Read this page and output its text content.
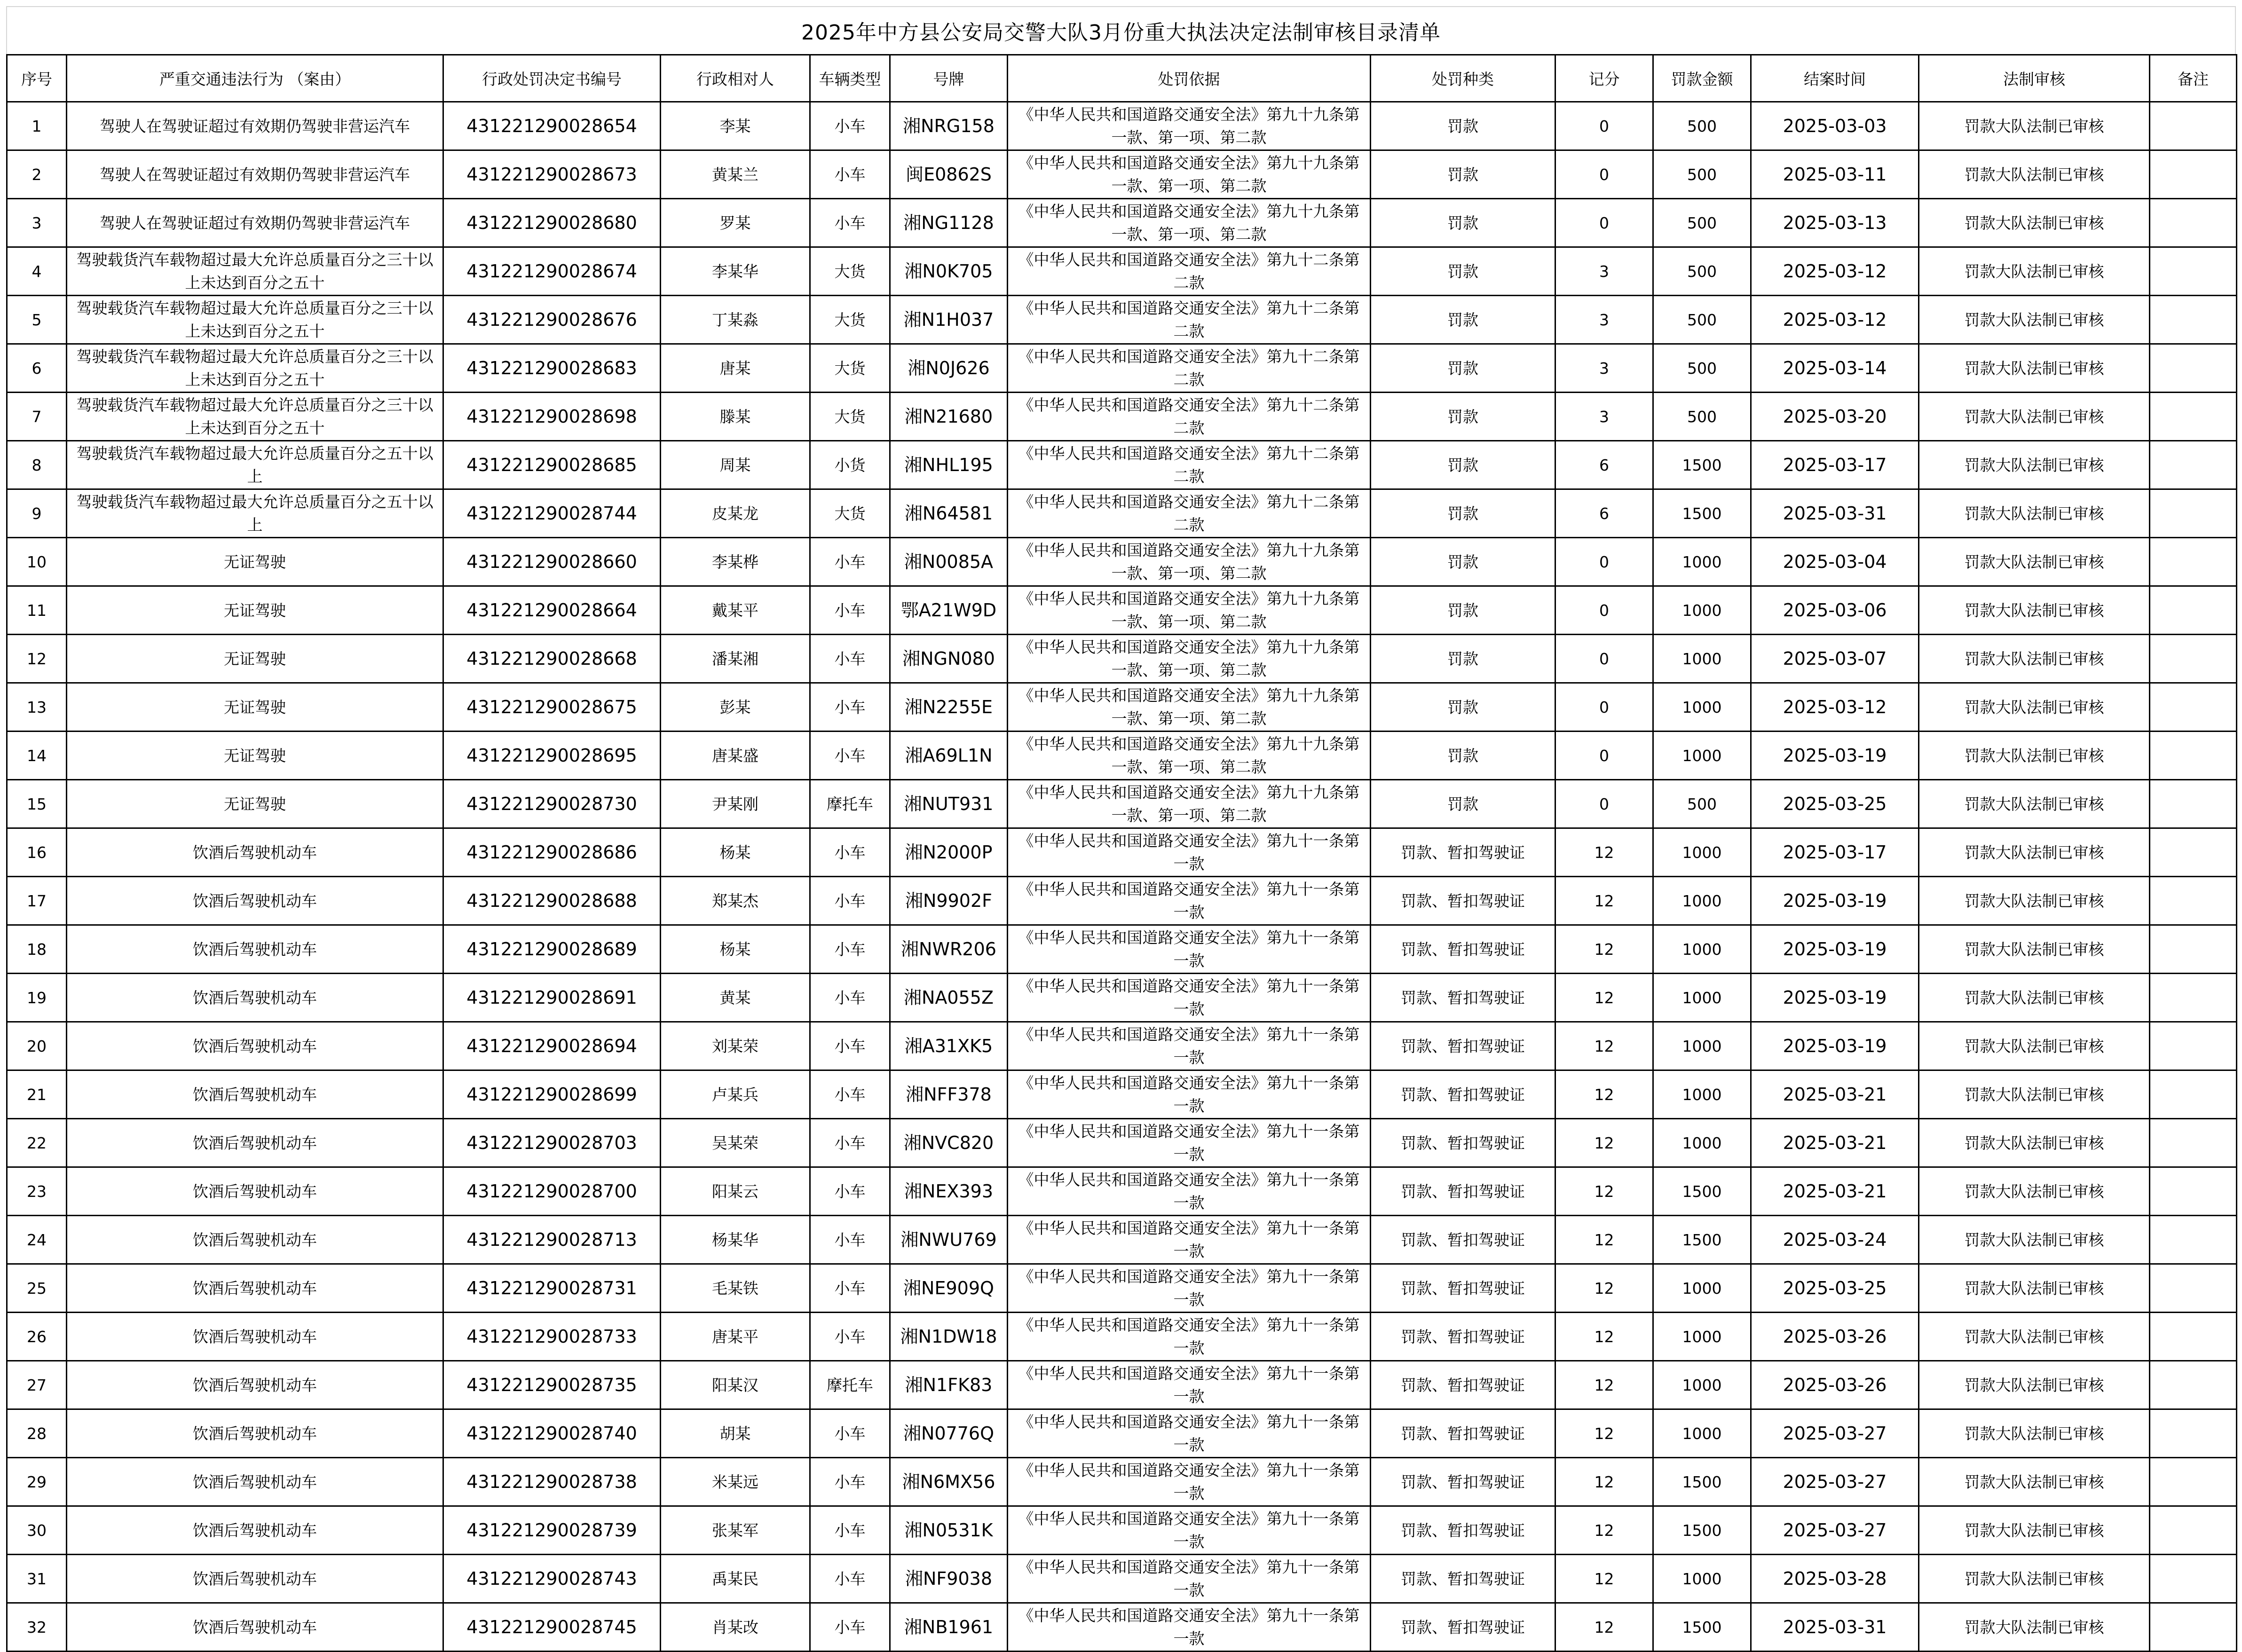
2025年中方县公安局交警大队3月份重大执法决定法制审核目录清单
序号	严重交通违法行为 （案由）	行政处罚决定书编号	行政相对人	车辆类型	号牌	处罚依据	处罚种类	记分	罚款金额	结案时间	法制审核	备注
1	驾驶人在驾驶证超过有效期仍驾驶非营运汽车	431221290028654	李某	小车	湘NRG158	《中华人民共和国道路交通安全法》第九十九条第一款、第一项、第二款	罚款	0	500	2025-03-03	罚款大队法制已审核	
2	驾驶人在驾驶证超过有效期仍驾驶非营运汽车	431221290028673	黄某兰	小车	闽E0862S	《中华人民共和国道路交通安全法》第九十九条第一款、第一项、第二款	罚款	0	500	2025-03-11	罚款大队法制已审核	
3	驾驶人在驾驶证超过有效期仍驾驶非营运汽车	431221290028680	罗某	小车	湘NG1128	《中华人民共和国道路交通安全法》第九十九条第一款、第一项、第二款	罚款	0	500	2025-03-13	罚款大队法制已审核	
4	驾驶载货汽车载物超过最大允许总质量百分之三十以上未达到百分之五十	431221290028674	李某华	大货	湘N0K705	《中华人民共和国道路交通安全法》第九十二条第二款	罚款	3	500	2025-03-12	罚款大队法制已审核	
5	驾驶载货汽车载物超过最大允许总质量百分之三十以上未达到百分之五十	431221290028676	丁某淼	大货	湘N1H037	《中华人民共和国道路交通安全法》第九十二条第二款	罚款	3	500	2025-03-12	罚款大队法制已审核	
6	驾驶载货汽车载物超过最大允许总质量百分之三十以上未达到百分之五十	431221290028683	唐某	大货	湘N0J626	《中华人民共和国道路交通安全法》第九十二条第二款	罚款	3	500	2025-03-14	罚款大队法制已审核	
7	驾驶载货汽车载物超过最大允许总质量百分之三十以上未达到百分之五十	431221290028698	滕某	大货	湘N21680	《中华人民共和国道路交通安全法》第九十二条第二款	罚款	3	500	2025-03-20	罚款大队法制已审核	
8	驾驶载货汽车载物超过最大允许总质量百分之五十以上	431221290028685	周某	小货	湘NHL195	《中华人民共和国道路交通安全法》第九十二条第二款	罚款	6	1500	2025-03-17	罚款大队法制已审核	
9	驾驶载货汽车载物超过最大允许总质量百分之五十以上	431221290028744	皮某龙	大货	湘N64581	《中华人民共和国道路交通安全法》第九十二条第二款	罚款	6	1500	2025-03-31	罚款大队法制已审核	
10	无证驾驶	431221290028660	李某桦	小车	湘N0085A	《中华人民共和国道路交通安全法》第九十九条第一款、第一项、第二款	罚款	0	1000	2025-03-04	罚款大队法制已审核	
11	无证驾驶	431221290028664	戴某平	小车	鄂A21W9D	《中华人民共和国道路交通安全法》第九十九条第一款、第一项、第二款	罚款	0	1000	2025-03-06	罚款大队法制已审核	
12	无证驾驶	431221290028668	潘某湘	小车	湘NGN080	《中华人民共和国道路交通安全法》第九十九条第一款、第一项、第二款	罚款	0	1000	2025-03-07	罚款大队法制已审核	
13	无证驾驶	431221290028675	彭某	小车	湘N2255E	《中华人民共和国道路交通安全法》第九十九条第一款、第一项、第二款	罚款	0	1000	2025-03-12	罚款大队法制已审核	
14	无证驾驶	431221290028695	唐某盛	小车	湘A69L1N	《中华人民共和国道路交通安全法》第九十九条第一款、第一项、第二款	罚款	0	1000	2025-03-19	罚款大队法制已审核	
15	无证驾驶	431221290028730	尹某刚	摩托车	湘NUT931	《中华人民共和国道路交通安全法》第九十九条第一款、第一项、第二款	罚款	0	500	2025-03-25	罚款大队法制已审核	
16	饮酒后驾驶机动车	431221290028686	杨某	小车	湘N2000P	《中华人民共和国道路交通安全法》第九十一条第一款	罚款、暂扣驾驶证	12	1000	2025-03-17	罚款大队法制已审核	
17	饮酒后驾驶机动车	431221290028688	郑某杰	小车	湘N9902F	《中华人民共和国道路交通安全法》第九十一条第一款	罚款、暂扣驾驶证	12	1000	2025-03-19	罚款大队法制已审核	
18	饮酒后驾驶机动车	431221290028689	杨某	小车	湘NWR206	《中华人民共和国道路交通安全法》第九十一条第一款	罚款、暂扣驾驶证	12	1000	2025-03-19	罚款大队法制已审核	
19	饮酒后驾驶机动车	431221290028691	黄某	小车	湘NA055Z	《中华人民共和国道路交通安全法》第九十一条第一款	罚款、暂扣驾驶证	12	1000	2025-03-19	罚款大队法制已审核	
20	饮酒后驾驶机动车	431221290028694	刘某荣	小车	湘A31XK5	《中华人民共和国道路交通安全法》第九十一条第一款	罚款、暂扣驾驶证	12	1000	2025-03-19	罚款大队法制已审核	
21	饮酒后驾驶机动车	431221290028699	卢某兵	小车	湘NFF378	《中华人民共和国道路交通安全法》第九十一条第一款	罚款、暂扣驾驶证	12	1000	2025-03-21	罚款大队法制已审核	
22	饮酒后驾驶机动车	431221290028703	吴某荣	小车	湘NVC820	《中华人民共和国道路交通安全法》第九十一条第一款	罚款、暂扣驾驶证	12	1000	2025-03-21	罚款大队法制已审核	
23	饮酒后驾驶机动车	431221290028700	阳某云	小车	湘NEX393	《中华人民共和国道路交通安全法》第九十一条第一款	罚款、暂扣驾驶证	12	1500	2025-03-21	罚款大队法制已审核	
24	饮酒后驾驶机动车	431221290028713	杨某华	小车	湘NWU769	《中华人民共和国道路交通安全法》第九十一条第一款	罚款、暂扣驾驶证	12	1500	2025-03-24	罚款大队法制已审核	
25	饮酒后驾驶机动车	431221290028731	毛某铁	小车	湘NE909Q	《中华人民共和国道路交通安全法》第九十一条第一款	罚款、暂扣驾驶证	12	1000	2025-03-25	罚款大队法制已审核	
26	饮酒后驾驶机动车	431221290028733	唐某平	小车	湘N1DW18	《中华人民共和国道路交通安全法》第九十一条第一款	罚款、暂扣驾驶证	12	1000	2025-03-26	罚款大队法制已审核	
27	饮酒后驾驶机动车	431221290028735	阳某汉	摩托车	湘N1FK83	《中华人民共和国道路交通安全法》第九十一条第一款	罚款、暂扣驾驶证	12	1000	2025-03-26	罚款大队法制已审核	
28	饮酒后驾驶机动车	431221290028740	胡某	小车	湘N0776Q	《中华人民共和国道路交通安全法》第九十一条第一款	罚款、暂扣驾驶证	12	1000	2025-03-27	罚款大队法制已审核	
29	饮酒后驾驶机动车	431221290028738	米某远	小车	湘N6MX56	《中华人民共和国道路交通安全法》第九十一条第一款	罚款、暂扣驾驶证	12	1500	2025-03-27	罚款大队法制已审核	
30	饮酒后驾驶机动车	431221290028739	张某军	小车	湘N0531K	《中华人民共和国道路交通安全法》第九十一条第一款	罚款、暂扣驾驶证	12	1500	2025-03-27	罚款大队法制已审核	
31	饮酒后驾驶机动车	431221290028743	禹某民	小车	湘NF9038	《中华人民共和国道路交通安全法》第九十一条第一款	罚款、暂扣驾驶证	12	1000	2025-03-28	罚款大队法制已审核	
32	饮酒后驾驶机动车	431221290028745	肖某改	小车	湘NB1961	《中华人民共和国道路交通安全法》第九十一条第一款	罚款、暂扣驾驶证	12	1500	2025-03-31	罚款大队法制已审核	
